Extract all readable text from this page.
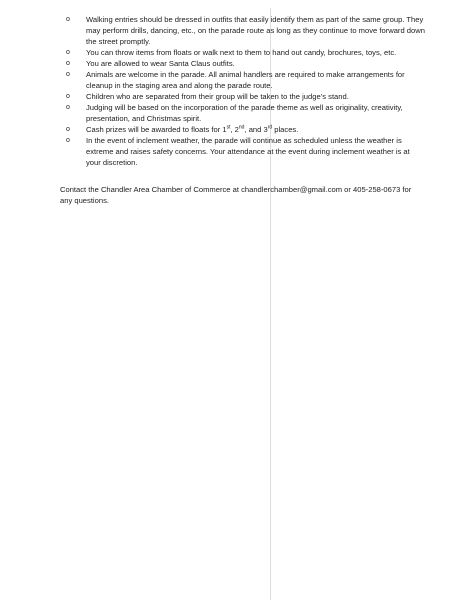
o Walking entries should be dressed in outfits that easily identify them as part of the same group. They may perform drills, dancing, etc., on the parade route as long as they continue to move forward down the street promptly.
o You can throw items from floats or walk next to them to hand out candy, brochures, toys, etc.
o You are allowed to wear Santa Claus outfits.
o Animals are welcome in the parade. All animal handlers are required to make arrangements for cleanup in the staging area and along the parade route.
o Children who are separated from their group will be taken to the judge’s stand.
o Judging will be based on the incorporation of the parade theme as well as originality, creativity, presentation, and Christmas spirit.
o Cash prizes will be awarded to floats for 1st, 2nd, and 3rd places.
o In the event of inclement weather, the parade will continue as scheduled unless the weather is extreme and raises safety concerns. Your attendance at the event during inclement weather is at your discretion.

Contact the Chandler Area Chamber of Commerce at chandlerchamber@gmail.com or 405-258-0673 for any questions.
